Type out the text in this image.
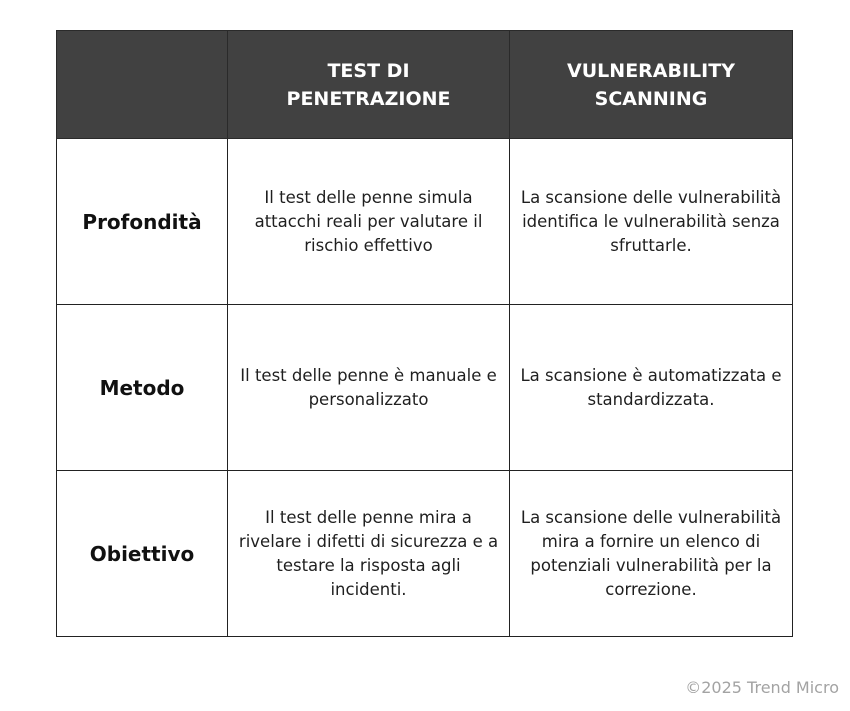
	TEST DI PENETRAZIONE	VULNERABILITY SCANNING
Profondità	Il test delle penne simula attacchi reali per valutare il rischio effettivo	La scansione delle vulnerabilità identifica le vulnerabilità senza sfruttarle.
Metodo	Il test delle penne è manuale e personalizzato	La scansione è automatizzata e standardizzata.
Obiettivo	Il test delle penne mira a rivelare i difetti di sicurezza e a testare la risposta agli incidenti.	La scansione delle vulnerabilità mira a fornire un elenco di potenziali vulnerabilità per la correzione.
©2025 Trend Micro
